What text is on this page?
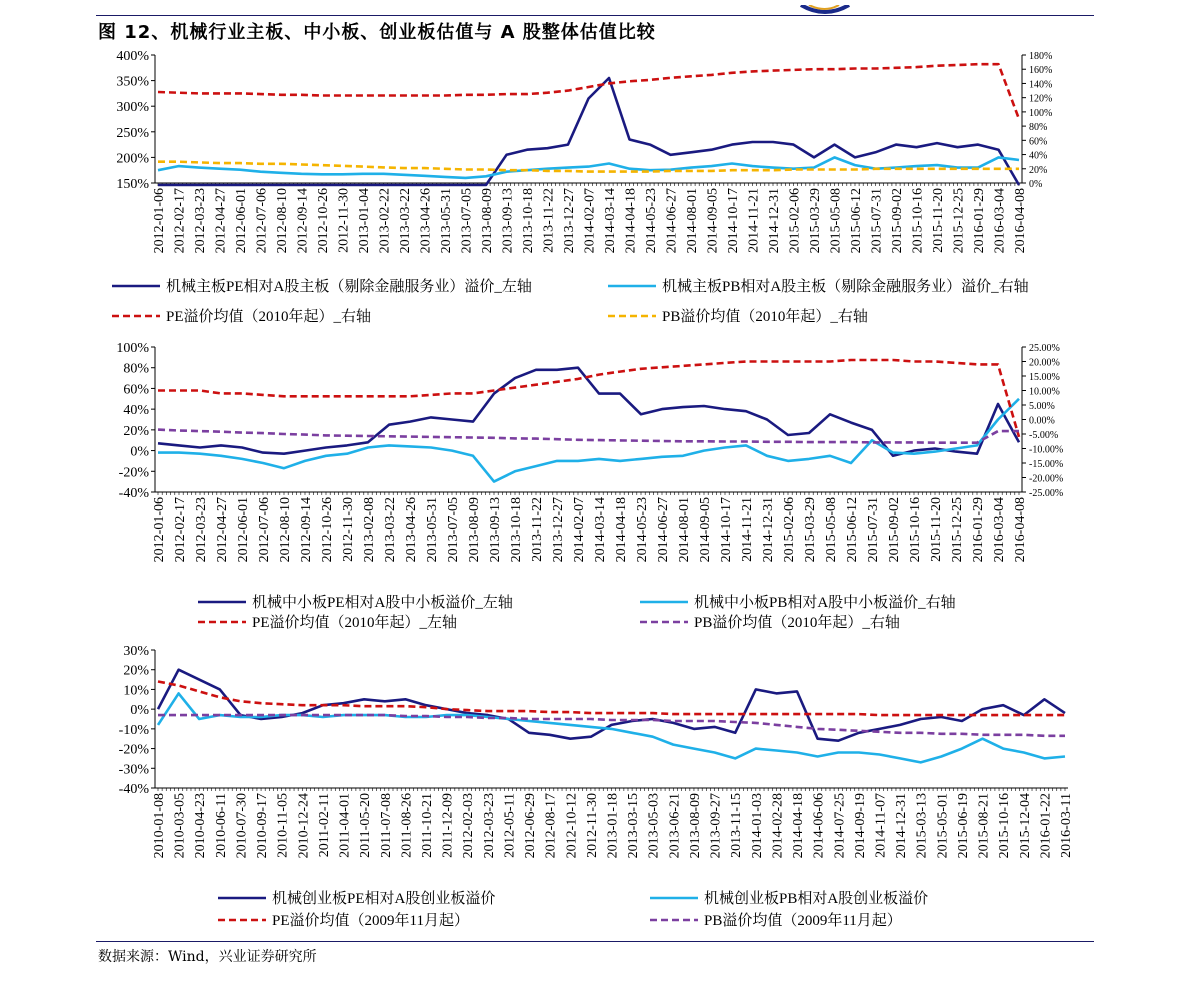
图 12、机械行业主板、中小板、创业板估值与 A 股整体估值比较
400%
350%
300%
250%
200%
150%
180%
160%
140%
120%
100%
80%
60%
40%
20%
0%
2012-01-06 2012-02-17 2012-03-23 2012-04-27 2012-06-01 2012-07-06 2012-08-10 2012-09-14 2012-10-26 2012-11-30 2013-01-04 2013-02-22 2013-03-22 2013-04-26 2013-05-31 2013-07-05 2013-08-09 2013-09-13 2013-10-18 2013-11-22 2013-12-27 2014-02-07 2014-03-14 2014-04-18 2014-05-23 2014-06-27 2014-08-01 2014-09-05 2014-10-17 2014-11-21 2014-12-31 2015-02-06 2015-03-29 2015-05-08 2015-06-12 2015-07-31 2015-09-02 2015-10-16 2015-11-20 2015-12-25 2016-01-29 2016-03-04 2016-04-08
机械主板PE相对A股主板（剔除金融服务业）溢价_左轴	机械主板PB相对A股主板（剔除金融服务业）溢价_右轴
PE溢价均值（2010年起）_右轴	PB溢价均值（2010年起）_右轴
100%
80%
60%
40%
20%
0%
-20%
-40%
25.00%
20.00%
15.00%
10.00%
5.00%
0.00%
-5.00%
-10.00%
-15.00%
-20.00%
-25.00%
2012-01-06 2012-02-17 2012-03-23 2012-04-27 2012-06-01 2012-07-06 2012-08-10 2012-09-14 2012-10-26 2012-11-30 2013-02-08 2013-03-22 2013-04-26 2013-05-31 2013-07-05 2013-08-09 2013-09-13 2013-10-18 2013-11-22 2013-12-27 2014-02-07 2014-03-14 2014-04-18 2014-05-23 2014-06-27 2014-08-01 2014-09-05 2014-10-17 2014-11-21 2014-12-31 2015-02-06 2015-03-29 2015-05-08 2015-06-12 2015-07-31 2015-09-02 2015-10-16 2015-11-20 2015-12-25 2016-01-29 2016-03-04 2016-04-08
机械中小板PE相对A股中小板溢价_左轴	机械中小板PB相对A股中小板溢价_右轴
PE溢价均值（2010年起）_左轴	PB溢价均值（2010年起）_右轴
30%
20%
10%
0%
-10%
-20%
-30%
-40%
2010-01-08 2010-03-05 2010-04-23 2010-06-11 2010-07-30 2010-09-17 2010-11-05 2010-12-24 2011-02-11 2011-04-01 2011-05-20 2011-07-08 2011-08-26 2011-10-21 2011-12-09 2012-02-03 2012-03-23 2012-05-11 2012-06-29 2012-08-17 2012-10-12 2012-11-30 2013-01-18 2013-03-15 2013-05-03 2013-06-21 2013-08-09 2013-09-27 2013-11-15 2014-01-03 2014-02-28 2014-04-18 2014-06-06 2014-07-25 2014-09-19 2014-11-07 2014-12-31 2015-03-13 2015-05-01 2015-06-19 2015-08-21 2015-10-16 2015-12-04 2016-01-22 2016-03-11
机械创业板PE相对A股创业板溢价	机械创业板PB相对A股创业板溢价
PE溢价均值（2009年11月起）	PB溢价均值（2009年11月起）
数据来源：Wind，兴业证券研究所
